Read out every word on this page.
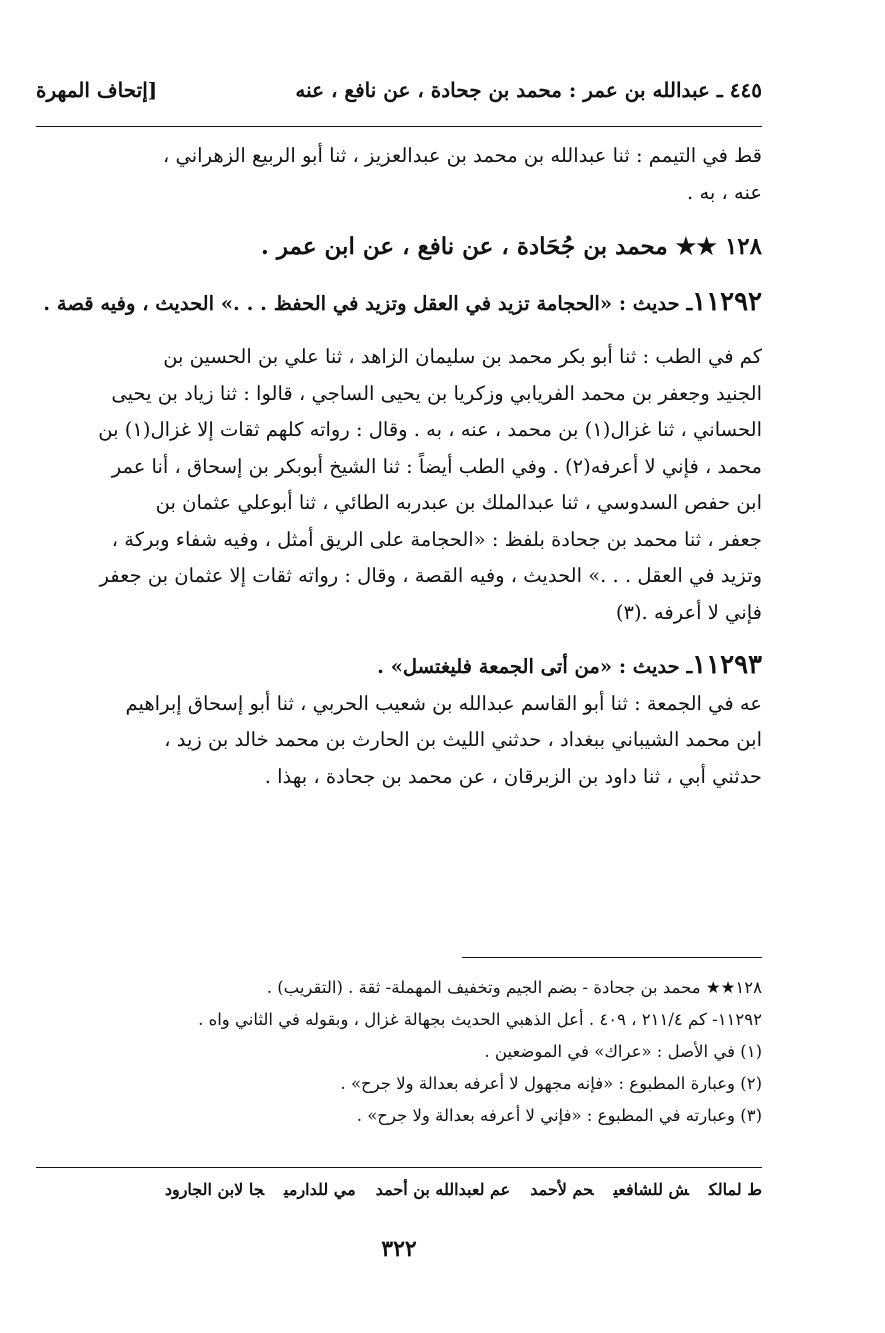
٤٤٥ ـ عبدالله بن عمر : محمد بن جحادة ، عن نافع ، عنه
[إتحاف المهرة

قط في التيمم : ثنا عبدالله بن محمد بن عبدالعزيز ، ثنا أبو الربيع الزهراني ،

عنه ، به .

١٢٨ ★★ محمد بن جُحَادة ، عن نافع ، عن ابن عمر .

١١٢٩٢ـ حديث : «الحجامة تزيد في العقل وتزيد في الحفظ . . .» الحديث ، وفيه قصة .

كم في الطب : ثنا أبو بكر محمد بن سليمان الزاهد ، ثنا علي بن الحسين بن

الجنيد وجعفر بن محمد الفريابي وزكريا بن يحيى الساجي ، قالوا : ثنا زياد بن يحيى

الحساني ، ثنا غزال(١) بن محمد ، عنه ، به . وقال : رواته كلهم ثقات إلا غزال(١) بن

محمد ، فإني لا أعرفه(٢) . وفي الطب أيضاً : ثنا الشيخ أبوبكر بن إسحاق ، أنا عمر

ابن حفص السدوسي ، ثنا عبدالملك بن عبدربه الطائي ، ثنا أبوعلي عثمان بن

جعفر ، ثنا محمد بن جحادة بلفظ : «الحجامة على الريق أمثل ، وفيه شفاء وبركة ،

وتزيد في العقل . . .» الحديث ، وفيه القصة ، وقال : رواته ثقات إلا عثمان بن جعفر

فإني لا أعرفه .(٣)

١١٢٩٣ـ حديث : «من أتى الجمعة فليغتسل» .

عه في الجمعة : ثنا أبو القاسم عبدالله بن شعيب الحربي ، ثنا أبو إسحاق إبراهيم

ابن محمد الشيباني ببغداد ، حدثني الليث بن الحارث بن محمد خالد بن زيد ،

حدثني أبي ، ثنا داود بن الزبرقان ، عن محمد بن جحادة ، بهذا .

١٢٨★★ محمد بن جحادة - بضم الجيم وتخفيف المهملة- ثقة . (التقريب) .
١١٢٩٢- كم ٢١١/٤ ، ٤٠٩ . أعل الذهبي الحديث بجهالة غزال ، وبقوله في الثاني واه .
(١) في الأصل : «عراك» في الموضعين .
(٢) وعبارة المطبوع : «فإنه مجهول لا أعرفه بعدالة ولا جرح» .
(٣) وعبارته في المطبوع : «فإني لا أعرفه بعدالة ولا جرح» .
ط لمالكش للشافعيحم لأحمدعم لعبدالله بن أحمدمي للدارميجا لابن الجارود
٣٢٢
